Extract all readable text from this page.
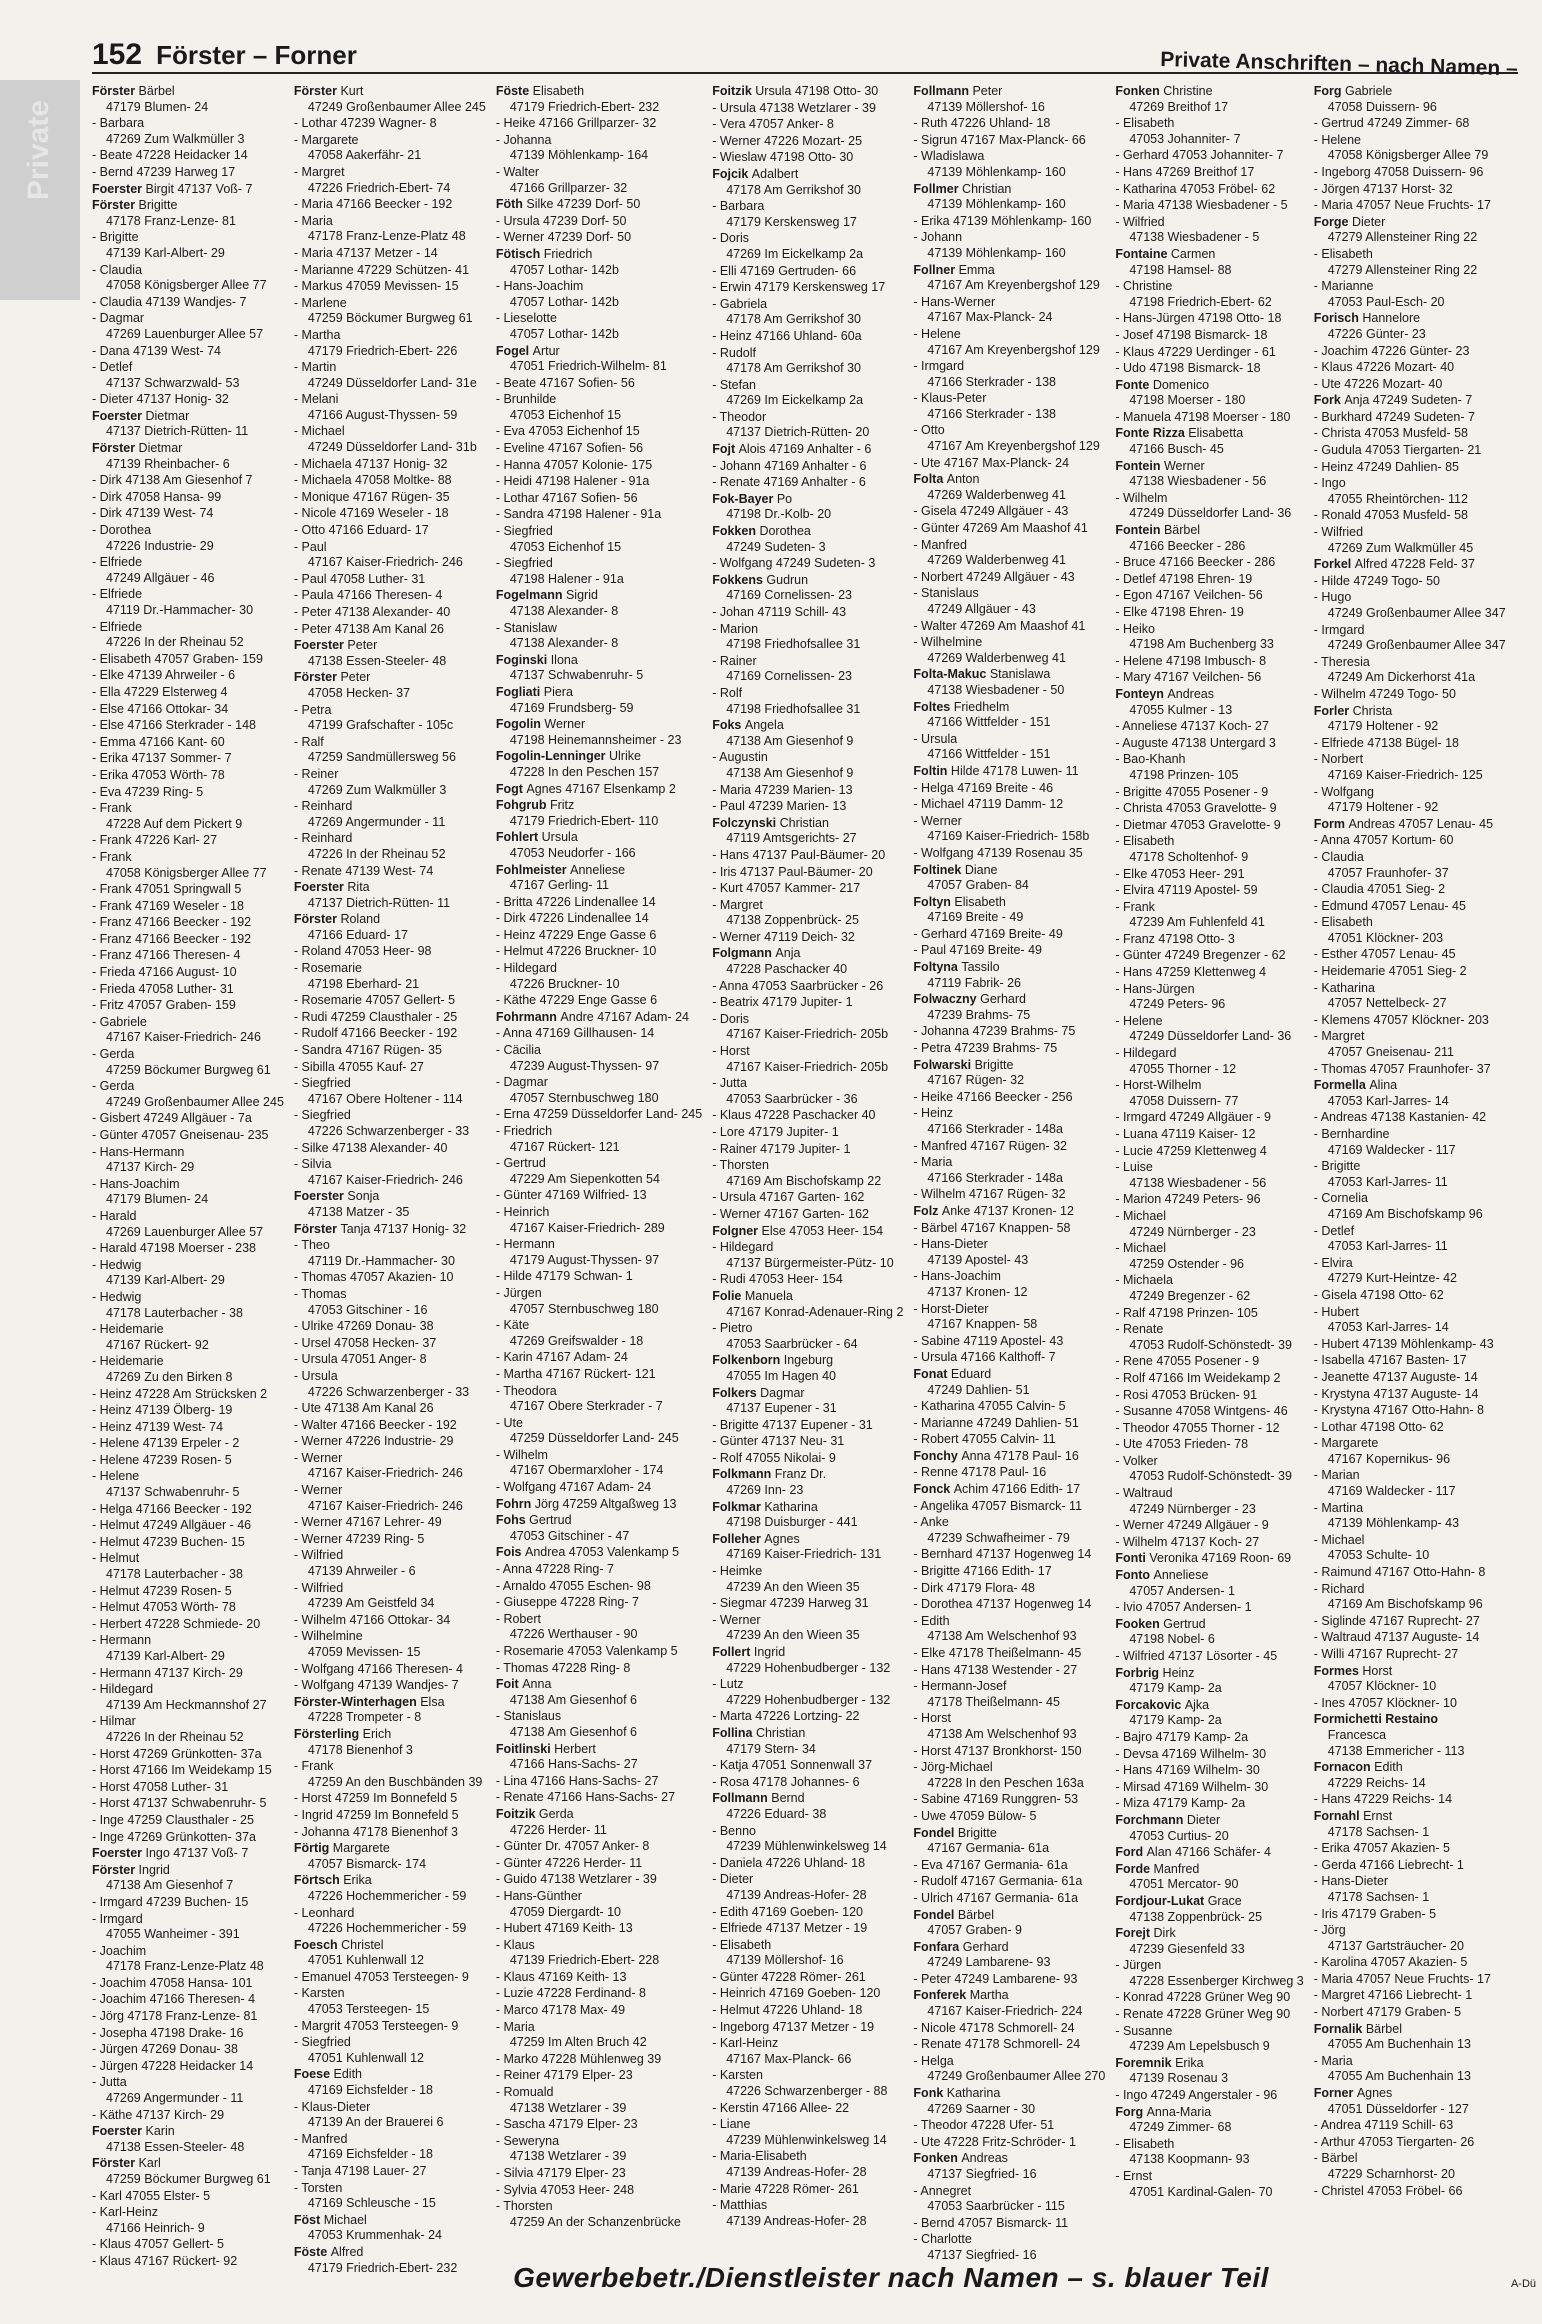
Private
152 Förster – Forner	Private Anschriften – nach Namen –
Förster Bärbel
47179 Blumen- 24
- Barbara
47269 Zum Walkmüller 3
- Beate 47228 Heidacker 14
- Bernd 47239 Harweg 17
Foerster Birgit 47137 Voß- 7
Förster Brigitte
47178 Franz-Lenze- 81
- Brigitte
47139 Karl-Albert- 29
- Claudia
47058 Königsberger Allee 77
- Claudia 47139 Wandjes- 7
- Dagmar
47269 Lauenburger Allee 57
- Dana 47139 West- 74
- Detlef
47137 Schwarzwald- 53
- Dieter 47137 Honig- 32
Foerster Dietmar
47137 Dietrich-Rütten- 11
Förster Dietmar
47139 Rheinbacher- 6
- Dirk 47138 Am Giesenhof 7
- Dirk 47058 Hansa- 99
- Dirk 47139 West- 74
- Dorothea
47226 Industrie- 29
- Elfriede
47249 Allgäuer - 46
- Elfriede
47119 Dr.-Hammacher- 30
- Elfriede
47226 In der Rheinau 52
- Elisabeth 47057 Graben- 159
- Elke 47139 Ahrweiler - 6
- Ella 47229 Elsterweg 4
- Else 47166 Ottokar- 34
- Else 47166 Sterkrader - 148
- Emma 47166 Kant- 60
- Erika 47137 Sommer- 7
- Erika 47053 Wörth- 78
- Eva 47239 Ring- 5
- Frank
47228 Auf dem Pickert 9
- Frank 47226 Karl- 27
- Frank
47058 Königsberger Allee 77
- Frank 47051 Springwall 5
- Frank 47169 Weseler - 18
- Franz 47166 Beecker - 192
- Franz 47166 Beecker - 192
- Franz 47166 Theresen- 4
- Frieda 47166 August- 10
- Frieda 47058 Luther- 31
- Fritz 47057 Graben- 159
- Gabriele
47167 Kaiser-Friedrich- 246
- Gerda
47259 Böckumer Burgweg 61
- Gerda
47249 Großenbaumer Allee 245
- Gisbert 47249 Allgäuer - 7a
- Günter 47057 Gneisenau- 235
- Hans-Hermann
47137 Kirch- 29
- Hans-Joachim
47179 Blumen- 24
- Harald
47269 Lauenburger Allee 57
- Harald 47198 Moerser - 238
- Hedwig
47139 Karl-Albert- 29
- Hedwig
47178 Lauterbacher - 38
- Heidemarie
47167 Rückert- 92
- Heidemarie
47269 Zu den Birken 8
- Heinz 47228 Am Strücksken 2
- Heinz 47139 Ölberg- 19
- Heinz 47139 West- 74
- Helene 47139 Erpeler - 2
- Helene 47239 Rosen- 5
- Helene
47137 Schwabenruhr- 5
- Helga 47166 Beecker - 192
- Helmut 47249 Allgäuer - 46
- Helmut 47239 Buchen- 15
- Helmut
47178 Lauterbacher - 38
- Helmut 47239 Rosen- 5
- Helmut 47053 Wörth- 78
- Herbert 47228 Schmiede- 20
- Hermann
47139 Karl-Albert- 29
- Hermann 47137 Kirch- 29
- Hildegard
47139 Am Heckmannshof 27
- Hilmar
47226 In der Rheinau 52
- Horst 47269 Grünkotten- 37a
- Horst 47166 Im Weidekamp 15
- Horst 47058 Luther- 31
- Horst 47137 Schwabenruhr- 5
- Inge 47259 Clausthaler - 25
- Inge 47269 Grünkotten- 37a
Foerster Ingo 47137 Voß- 7
Förster Ingrid
47138 Am Giesenhof 7
- Irmgard 47239 Buchen- 15
- Irmgard
47055 Wanheimer - 391
- Joachim
47178 Franz-Lenze-Platz 48
- Joachim 47058 Hansa- 101
- Joachim 47166 Theresen- 4
- Jörg 47178 Franz-Lenze- 81
- Josepha 47198 Drake- 16
- Jürgen 47269 Donau- 38
- Jürgen 47228 Heidacker 14
- Jutta
47269 Angermunder - 11
- Käthe 47137 Kirch- 29
Foerster Karin
47138 Essen-Steeler- 48
Förster Karl
47259 Böckumer Burgweg 61
- Karl 47055 Elster- 5
- Karl-Heinz
47166 Heinrich- 9
- Klaus 47057 Gellert- 5
- Klaus 47167 Rückert- 92
Förster Kurt
47249 Großenbaumer Allee 245
- Lothar 47239 Wagner- 8
- Margarete
47058 Aakerfähr- 21
- Margret
47226 Friedrich-Ebert- 74
- Maria 47166 Beecker - 192
- Maria
47178 Franz-Lenze-Platz 48
- Maria 47137 Metzer - 14
- Marianne 47229 Schützen- 41
- Markus 47059 Mevissen- 15
- Marlene
47259 Böckumer Burgweg 61
- Martha
47179 Friedrich-Ebert- 226
- Martin
47249 Düsseldorfer Land- 31e
- Melani
47166 August-Thyssen- 59
- Michael
47249 Düsseldorfer Land- 31b
- Michaela 47137 Honig- 32
- Michaela 47058 Moltke- 88
- Monique 47167 Rügen- 35
- Nicole 47169 Weseler - 18
- Otto 47166 Eduard- 17
- Paul
47167 Kaiser-Friedrich- 246
- Paul 47058 Luther- 31
- Paula 47166 Theresen- 4
- Peter 47138 Alexander- 40
- Peter 47138 Am Kanal 26
Foerster Peter
47138 Essen-Steeler- 48
Förster Peter
47058 Hecken- 37
- Petra
47199 Grafschafter - 105c
- Ralf
47259 Sandmüllersweg 56
- Reiner
47269 Zum Walkmüller 3
- Reinhard
47269 Angermunder - 11
- Reinhard
47226 In der Rheinau 52
- Renate 47139 West- 74
Foerster Rita
47137 Dietrich-Rütten- 11
Förster Roland
47166 Eduard- 17
- Roland 47053 Heer- 98
- Rosemarie
47198 Eberhard- 21
- Rosemarie 47057 Gellert- 5
- Rudi 47259 Clausthaler - 25
- Rudolf 47166 Beecker - 192
- Sandra 47167 Rügen- 35
- Sibilla 47055 Kauf- 27
- Siegfried
47167 Obere Holtener - 114
- Siegfried
47226 Schwarzenberger - 33
- Silke 47138 Alexander- 40
- Silvia
47167 Kaiser-Friedrich- 246
Foerster Sonja
47138 Matzer - 35
Förster Tanja 47137 Honig- 32
- Theo
47119 Dr.-Hammacher- 30
- Thomas 47057 Akazien- 10
- Thomas
47053 Gitschiner - 16
- Ulrike 47269 Donau- 38
- Ursel 47058 Hecken- 37
- Ursula 47051 Anger- 8
- Ursula
47226 Schwarzenberger - 33
- Ute 47138 Am Kanal 26
- Walter 47166 Beecker - 192
- Werner 47226 Industrie- 29
- Werner
47167 Kaiser-Friedrich- 246
- Werner
47167 Kaiser-Friedrich- 246
- Werner 47167 Lehrer- 49
- Werner 47239 Ring- 5
- Wilfried
47139 Ahrweiler - 6
- Wilfried
47239 Am Geistfeld 34
- Wilhelm 47166 Ottokar- 34
- Wilhelmine
47059 Mevissen- 15
- Wolfgang 47166 Theresen- 4
- Wolfgang 47139 Wandjes- 7
Förster-Winterhagen Elsa
47228 Trompeter - 8
Försterling Erich
47178 Bienenhof 3
- Frank
47259 An den Buschbänden 39
- Horst 47259 Im Bonnefeld 5
- Ingrid 47259 Im Bonnefeld 5
- Johanna 47178 Bienenhof 3
Förtig Margarete
47057 Bismarck- 174
Förtsch Erika
47226 Hochemmericher - 59
- Leonhard
47226 Hochemmericher - 59
Foesch Christel
47051 Kuhlenwall 12
- Emanuel 47053 Tersteegen- 9
- Karsten
47053 Tersteegen- 15
- Margrit 47053 Tersteegen- 9
- Siegfried
47051 Kuhlenwall 12
Foese Edith
47169 Eichsfelder - 18
- Klaus-Dieter
47139 An der Brauerei 6
- Manfred
47169 Eichsfelder - 18
- Tanja 47198 Lauer- 27
- Torsten
47169 Schleusche - 15
Föst Michael
47053 Krummenhak- 24
Föste Alfred
47179 Friedrich-Ebert- 232
Föste Elisabeth
47179 Friedrich-Ebert- 232
- Heike 47166 Grillparzer- 32
- Johanna
47139 Möhlenkamp- 164
- Walter
47166 Grillparzer- 32
Föth Silke 47239 Dorf- 50
- Ursula 47239 Dorf- 50
- Werner 47239 Dorf- 50
Fötisch Friedrich
47057 Lothar- 142b
- Hans-Joachim
47057 Lothar- 142b
- Lieselotte
47057 Lothar- 142b
Fogel Artur
47051 Friedrich-Wilhelm- 81
- Beate 47167 Sofien- 56
- Brunhilde
47053 Eichenhof 15
- Eva 47053 Eichenhof 15
- Eveline 47167 Sofien- 56
- Hanna 47057 Kolonie- 175
- Heidi 47198 Halener - 91a
- Lothar 47167 Sofien- 56
- Sandra 47198 Halener - 91a
- Siegfried
47053 Eichenhof 15
- Siegfried
47198 Halener - 91a
Fogelmann Sigrid
47138 Alexander- 8
- Stanislaw
47138 Alexander- 8
Foginski Ilona
47137 Schwabenruhr- 5
Fogliati Piera
47169 Frundsberg- 59
Fogolin Werner
47198 Heinemannsheimer - 23
Fogolin-Lenninger Ulrike
47228 In den Peschen 157
Fogt Agnes 47167 Elsenkamp 2
Fohgrub Fritz
47179 Friedrich-Ebert- 110
Fohlert Ursula
47053 Neudorfer - 166
Fohlmeister Anneliese
47167 Gerling- 11
- Britta 47226 Lindenallee 14
- Dirk 47226 Lindenallee 14
- Heinz 47229 Enge Gasse 6
- Helmut 47226 Bruckner- 10
- Hildegard
47226 Bruckner- 10
- Käthe 47229 Enge Gasse 6
Fohrmann Andre 47167 Adam- 24
- Anna 47169 Gillhausen- 14
- Cäcilia
47239 August-Thyssen- 97
- Dagmar
47057 Sternbuschweg 180
- Erna 47259 Düsseldorfer Land- 245
- Friedrich
47167 Rückert- 121
- Gertrud
47229 Am Siepenkotten 54
- Günter 47169 Wilfried- 13
- Heinrich
47167 Kaiser-Friedrich- 289
- Hermann
47179 August-Thyssen- 97
- Hilde 47179 Schwan- 1
- Jürgen
47057 Sternbuschweg 180
- Käte
47269 Greifswalder - 18
- Karin 47167 Adam- 24
- Martha 47167 Rückert- 121
- Theodora
47167 Obere Sterkrader - 7
- Ute
47259 Düsseldorfer Land- 245
- Wilhelm
47167 Obermarxloher - 174
- Wolfgang 47167 Adam- 24
Fohrn Jörg 47259 Altgaßweg 13
Fohs Gertrud
47053 Gitschiner - 47
Fois Andrea 47053 Valenkamp 5
- Anna 47228 Ring- 7
- Arnaldo 47055 Eschen- 98
- Giuseppe 47228 Ring- 7
- Robert
47226 Werthauser - 90
- Rosemarie 47053 Valenkamp 5
- Thomas 47228 Ring- 8
Foit Anna
47138 Am Giesenhof 6
- Stanislaus
47138 Am Giesenhof 6
Foitlinski Herbert
47166 Hans-Sachs- 27
- Lina 47166 Hans-Sachs- 27
- Renate 47166 Hans-Sachs- 27
Foitzik Gerda
47226 Herder- 11
- Günter Dr. 47057 Anker- 8
- Günter 47226 Herder- 11
- Guido 47138 Wetzlarer - 39
- Hans-Günther
47059 Diergardt- 10
- Hubert 47169 Keith- 13
- Klaus
47139 Friedrich-Ebert- 228
- Klaus 47169 Keith- 13
- Luzie 47228 Ferdinand- 8
- Marco 47178 Max- 49
- Maria
47259 Im Alten Bruch 42
- Marko 47228 Mühlenweg 39
- Reiner 47179 Elper- 23
- Romuald
47138 Wetzlarer - 39
- Sascha 47179 Elper- 23
- Seweryna
47138 Wetzlarer - 39
- Silvia 47179 Elper- 23
- Sylvia 47053 Heer- 248
- Thorsten
47259 An der Schanzenbrücke
Foitzik Ursula 47198 Otto- 30
- Ursula 47138 Wetzlarer - 39
- Vera 47057 Anker- 8
- Werner 47226 Mozart- 25
- Wieslaw 47198 Otto- 30
Fojcik Adalbert
47178 Am Gerrikshof 30
- Barbara
47179 Kerskensweg 17
- Doris
47269 Im Eickelkamp 2a
- Elli 47169 Gertruden- 66
- Erwin 47179 Kerskensweg 17
- Gabriela
47178 Am Gerrikshof 30
- Heinz 47166 Uhland- 60a
- Rudolf
47178 Am Gerrikshof 30
- Stefan
47269 Im Eickelkamp 2a
- Theodor
47137 Dietrich-Rütten- 20
Fojt Alois 47169 Anhalter - 6
- Johann 47169 Anhalter - 6
- Renate 47169 Anhalter - 6
Fok-Bayer Po
47198 Dr.-Kolb- 20
Fokken Dorothea
47249 Sudeten- 3
- Wolfgang 47249 Sudeten- 3
Fokkens Gudrun
47169 Cornelissen- 23
- Johan 47119 Schill- 43
- Marion
47198 Friedhofsallee 31
- Rainer
47169 Cornelissen- 23
- Rolf
47198 Friedhofsallee 31
Foks Angela
47138 Am Giesenhof 9
- Augustin
47138 Am Giesenhof 9
- Maria 47239 Marien- 13
- Paul 47239 Marien- 13
Folczynski Christian
47119 Amtsgerichts- 27
- Hans 47137 Paul-Bäumer- 20
- Iris 47137 Paul-Bäumer- 20
- Kurt 47057 Kammer- 217
- Margret
47138 Zoppenbrück- 25
- Werner 47119 Deich- 32
Folgmann Anja
47228 Paschacker 40
- Anna 47053 Saarbrücker - 26
- Beatrix 47179 Jupiter- 1
- Doris
47167 Kaiser-Friedrich- 205b
- Horst
47167 Kaiser-Friedrich- 205b
- Jutta
47053 Saarbrücker - 36
- Klaus 47228 Paschacker 40
- Lore 47179 Jupiter- 1
- Rainer 47179 Jupiter- 1
- Thorsten
47169 Am Bischofskamp 22
- Ursula 47167 Garten- 162
- Werner 47167 Garten- 162
Folgner Else 47053 Heer- 154
- Hildegard
47137 Bürgermeister-Pütz- 10
- Rudi 47053 Heer- 154
Folie Manuela
47167 Konrad-Adenauer-Ring 2
- Pietro
47053 Saarbrücker - 64
Folkenborn Ingeburg
47055 Im Hagen 40
Folkers Dagmar
47137 Eupener - 31
- Brigitte 47137 Eupener - 31
- Günter 47137 Neu- 31
- Rolf 47055 Nikolai- 9
Folkmann Franz Dr.
47269 Inn- 23
Folkmar Katharina
47198 Duisburger - 441
Folleher Agnes
47169 Kaiser-Friedrich- 131
- Heimke
47239 An den Wieen 35
- Siegmar 47239 Harweg 31
- Werner
47239 An den Wieen 35
Follert Ingrid
47229 Hohenbudberger - 132
- Lutz
47229 Hohenbudberger - 132
- Marta 47226 Lortzing- 22
Follina Christian
47179 Stern- 34
- Katja 47051 Sonnenwall 37
- Rosa 47178 Johannes- 6
Follmann Bernd
47226 Eduard- 38
- Benno
47239 Mühlenwinkelsweg 14
- Daniela 47226 Uhland- 18
- Dieter
47139 Andreas-Hofer- 28
- Edith 47169 Goeben- 120
- Elfriede 47137 Metzer - 19
- Elisabeth
47139 Möllershof- 16
- Günter 47228 Römer- 261
- Heinrich 47169 Goeben- 120
- Helmut 47226 Uhland- 18
- Ingeborg 47137 Metzer - 19
- Karl-Heinz
47167 Max-Planck- 66
- Karsten
47226 Schwarzenberger - 88
- Kerstin 47166 Allee- 22
- Liane
47239 Mühlenwinkelsweg 14
- Maria-Elisabeth
47139 Andreas-Hofer- 28
- Marie 47228 Römer- 261
- Matthias
47139 Andreas-Hofer- 28
Follmann Peter
47139 Möllershof- 16
- Ruth 47226 Uhland- 18
- Sigrun 47167 Max-Planck- 66
- Wladislawa
47139 Möhlenkamp- 160
Follmer Christian
47139 Möhlenkamp- 160
- Erika 47139 Möhlenkamp- 160
- Johann
47139 Möhlenkamp- 160
Follner Emma
47167 Am Kreyenbergshof 129
- Hans-Werner
47167 Max-Planck- 24
- Helene
47167 Am Kreyenbergshof 129
- Irmgard
47166 Sterkrader - 138
- Klaus-Peter
47166 Sterkrader - 138
- Otto
47167 Am Kreyenbergshof 129
- Ute 47167 Max-Planck- 24
Folta Anton
47269 Walderbenweg 41
- Gisela 47249 Allgäuer - 43
- Günter 47269 Am Maashof 41
- Manfred
47269 Walderbenweg 41
- Norbert 47249 Allgäuer - 43
- Stanislaus
47249 Allgäuer - 43
- Walter 47269 Am Maashof 41
- Wilhelmine
47269 Walderbenweg 41
Folta-Makuc Stanislawa
47138 Wiesbadener - 50
Foltes Friedhelm
47166 Wittfelder - 151
- Ursula
47166 Wittfelder - 151
Foltin Hilde 47178 Luwen- 11
- Helga 47169 Breite - 46
- Michael 47119 Damm- 12
- Werner
47169 Kaiser-Friedrich- 158b
- Wolfgang 47139 Rosenau 35
Foltinek Diane
47057 Graben- 84
Foltyn Elisabeth
47169 Breite - 49
- Gerhard 47169 Breite- 49
- Paul 47169 Breite- 49
Foltyna Tassilo
47119 Fabrik- 26
Folwaczny Gerhard
47239 Brahms- 75
- Johanna 47239 Brahms- 75
- Petra 47239 Brahms- 75
Folwarski Brigitte
47167 Rügen- 32
- Heike 47166 Beecker - 256
- Heinz
47166 Sterkrader - 148a
- Manfred 47167 Rügen- 32
- Maria
47166 Sterkrader - 148a
- Wilhelm 47167 Rügen- 32
Folz Anke 47137 Kronen- 12
- Bärbel 47167 Knappen- 58
- Hans-Dieter
47139 Apostel- 43
- Hans-Joachim
47137 Kronen- 12
- Horst-Dieter
47167 Knappen- 58
- Sabine 47119 Apostel- 43
- Ursula 47166 Kalthoff- 7
Fonat Eduard
47249 Dahlien- 51
- Katharina 47055 Calvin- 5
- Marianne 47249 Dahlien- 51
- Robert 47055 Calvin- 11
Fonchy Anna 47178 Paul- 16
- Renne 47178 Paul- 16
Fonck Achim 47166 Edith- 17
- Angelika 47057 Bismarck- 11
- Anke
47239 Schwafheimer - 79
- Bernhard 47137 Hogenweg 14
- Brigitte 47166 Edith- 17
- Dirk 47179 Flora- 48
- Dorothea 47137 Hogenweg 14
- Edith
47138 Am Welschenhof 93
- Elke 47178 Theißelmann- 45
- Hans 47138 Westender - 27
- Hermann-Josef
47178 Theißelmann- 45
- Horst
47138 Am Welschenhof 93
- Horst 47137 Bronkhorst- 150
- Jörg-Michael
47228 In den Peschen 163a
- Sabine 47169 Runggren- 53
- Uwe 47059 Bülow- 5
Fondel Brigitte
47167 Germania- 61a
- Eva 47167 Germania- 61a
- Rudolf 47167 Germania- 61a
- Ulrich 47167 Germania- 61a
Fondel Bärbel
47057 Graben- 9
Fonfara Gerhard
47249 Lambarene- 93
- Peter 47249 Lambarene- 93
Fonferek Martha
47167 Kaiser-Friedrich- 224
- Nicole 47178 Schmorell- 24
- Renate 47178 Schmorell- 24
- Helga
47249 Großenbaumer Allee 270
Fonk Katharina
47269 Saarner - 30
- Theodor 47228 Ufer- 51
- Ute 47228 Fritz-Schröder- 1
Fonken Andreas
47137 Siegfried- 16
- Annegret
47053 Saarbrücker - 115
- Bernd 47057 Bismarck- 11
- Charlotte
47137 Siegfried- 16
Fonken Christine
47269 Breithof 17
- Elisabeth
47053 Johanniter- 7
- Gerhard 47053 Johanniter- 7
- Hans 47269 Breithof 17
- Katharina 47053 Fröbel- 62
- Maria 47138 Wiesbadener - 5
- Wilfried
47138 Wiesbadener - 5
Fontaine Carmen
47198 Hamsel- 88
- Christine
47198 Friedrich-Ebert- 62
- Hans-Jürgen 47198 Otto- 18
- Josef 47198 Bismarck- 18
- Klaus 47229 Uerdinger - 61
- Udo 47198 Bismarck- 18
Fonte Domenico
47198 Moerser - 180
- Manuela 47198 Moerser - 180
Fonte Rizza Elisabetta
47166 Busch- 45
Fontein Werner
47138 Wiesbadener - 56
- Wilhelm
47249 Düsseldorfer Land- 36
Fontein Bärbel
47166 Beecker - 286
- Bruce 47166 Beecker - 286
- Detlef 47198 Ehren- 19
- Egon 47167 Veilchen- 56
- Elke 47198 Ehren- 19
- Heiko
47198 Am Buchenberg 33
- Helene 47198 Imbusch- 8
- Mary 47167 Veilchen- 56
Fonteyn Andreas
47055 Kulmer - 13
- Anneliese 47137 Koch- 27
- Auguste 47138 Untergard 3
- Bao-Khanh
47198 Prinzen- 105
- Brigitte 47055 Posener - 9
- Christa 47053 Gravelotte- 9
- Dietmar 47053 Gravelotte- 9
- Elisabeth
47178 Scholtenhof- 9
- Elke 47053 Heer- 291
- Elvira 47119 Apostel- 59
- Frank
47239 Am Fuhlenfeld 41
- Franz 47198 Otto- 3
- Günter 47249 Bregenzer - 62
- Hans 47259 Klettenweg 4
- Hans-Jürgen
47249 Peters- 96
- Helene
47249 Düsseldorfer Land- 36
- Hildegard
47055 Thorner - 12
- Horst-Wilhelm
47058 Duissern- 77
- Irmgard 47249 Allgäuer - 9
- Luana 47119 Kaiser- 12
- Lucie 47259 Klettenweg 4
- Luise
47138 Wiesbadener - 56
- Marion 47249 Peters- 96
- Michael
47249 Nürnberger - 23
- Michael
47259 Ostender - 96
- Michaela
47249 Bregenzer - 62
- Ralf 47198 Prinzen- 105
- Renate
47053 Rudolf-Schönstedt- 39
- Rene 47055 Posener - 9
- Rolf 47166 Im Weidekamp 2
- Rosi 47053 Brücken- 91
- Susanne 47058 Wintgens- 46
- Theodor 47055 Thorner - 12
- Ute 47053 Frieden- 78
- Volker
47053 Rudolf-Schönstedt- 39
- Waltraud
47249 Nürnberger - 23
- Werner 47249 Allgäuer - 9
- Wilhelm 47137 Koch- 27
Fonti Veronika 47169 Roon- 69
Fonto Anneliese
47057 Andersen- 1
- Ivio 47057 Andersen- 1
Fooken Gertrud
47198 Nobel- 6
- Wilfried 47137 Lösorter - 45
Forbrig Heinz
47179 Kamp- 2a
Forcakovic Ajka
47179 Kamp- 2a
- Bajro 47179 Kamp- 2a
- Devsa 47169 Wilhelm- 30
- Hans 47169 Wilhelm- 30
- Mirsad 47169 Wilhelm- 30
- Miza 47179 Kamp- 2a
Forchmann Dieter
47053 Curtius- 20
Ford Alan 47166 Schäfer- 4
Forde Manfred
47051 Mercator- 90
Fordjour-Lukat Grace
47138 Zoppenbrück- 25
Forejt Dirk
47239 Giesenfeld 33
- Jürgen
47228 Essenberger Kirchweg 3
- Konrad 47228 Grüner Weg 90
- Renate 47228 Grüner Weg 90
- Susanne
47239 Am Lepelsbusch 9
Foremnik Erika
47139 Rosenau 3
- Ingo 47249 Angerstaler - 96
Forg Anna-Maria
47249 Zimmer- 68
- Elisabeth
47138 Koopmann- 93
- Ernst
47051 Kardinal-Galen- 70
Forg Gabriele
47058 Duissern- 96
- Gertrud 47249 Zimmer- 68
- Helene
47058 Königsberger Allee 79
- Ingeborg 47058 Duissern- 96
- Jörgen 47137 Horst- 32
- Maria 47057 Neue Fruchts- 17
Forge Dieter
47279 Allensteiner Ring 22
- Elisabeth
47279 Allensteiner Ring 22
- Marianne
47053 Paul-Esch- 20
Forisch Hannelore
47226 Günter- 23
- Joachim 47226 Günter- 23
- Klaus 47226 Mozart- 40
- Ute 47226 Mozart- 40
Fork Anja 47249 Sudeten- 7
- Burkhard 47249 Sudeten- 7
- Christa 47053 Musfeld- 58
- Gudula 47053 Tiergarten- 21
- Heinz 47249 Dahlien- 85
- Ingo
47055 Rheintörchen- 112
- Ronald 47053 Musfeld- 58
- Wilfried
47269 Zum Walkmüller 45
Forkel Alfred 47228 Feld- 37
- Hilde 47249 Togo- 50
- Hugo
47249 Großenbaumer Allee 347
- Irmgard
47249 Großenbaumer Allee 347
- Theresia
47249 Am Dickerhorst 41a
- Wilhelm 47249 Togo- 50
Forler Christa
47179 Holtener - 92
- Elfriede 47138 Bügel- 18
- Norbert
47169 Kaiser-Friedrich- 125
- Wolfgang
47179 Holtener - 92
Form Andreas 47057 Lenau- 45
- Anna 47057 Kortum- 60
- Claudia
47057 Fraunhofer- 37
- Claudia 47051 Sieg- 2
- Edmund 47057 Lenau- 45
- Elisabeth
47051 Klöckner- 203
- Esther 47057 Lenau- 45
- Heidemarie 47051 Sieg- 2
- Katharina
47057 Nettelbeck- 27
- Klemens 47057 Klöckner- 203
- Margret
47057 Gneisenau- 211
- Thomas 47057 Fraunhofer- 37
Formella Alina
47053 Karl-Jarres- 14
- Andreas 47138 Kastanien- 42
- Bernhardine
47169 Waldecker - 117
- Brigitte
47053 Karl-Jarres- 11
- Cornelia
47169 Am Bischofskamp 96
- Detlef
47053 Karl-Jarres- 11
- Elvira
47279 Kurt-Heintze- 42
- Gisela 47198 Otto- 62
- Hubert
47053 Karl-Jarres- 14
- Hubert 47139 Möhlenkamp- 43
- Isabella 47167 Basten- 17
- Jeanette 47137 Auguste- 14
- Krystyna 47137 Auguste- 14
- Krystyna 47167 Otto-Hahn- 8
- Lothar 47198 Otto- 62
- Margarete
47167 Kopernikus- 96
- Marian
47169 Waldecker - 117
- Martina
47139 Möhlenkamp- 43
- Michael
47053 Schulte- 10
- Raimund 47167 Otto-Hahn- 8
- Richard
47169 Am Bischofskamp 96
- Siglinde 47167 Ruprecht- 27
- Waltraud 47137 Auguste- 14
- Willi 47167 Ruprecht- 27
Formes Horst
47057 Klöckner- 10
- Ines 47057 Klöckner- 10
Formichetti Restaino
Francesca
47138 Emmericher - 113
Fornacon Edith
47229 Reichs- 14
- Hans 47229 Reichs- 14
Fornahl Ernst
47178 Sachsen- 1
- Erika 47057 Akazien- 5
- Gerda 47166 Liebrecht- 1
- Hans-Dieter
47178 Sachsen- 1
- Iris 47179 Graben- 5
- Jörg
47137 Gartsträucher- 20
- Karolina 47057 Akazien- 5
- Maria 47057 Neue Fruchts- 17
- Margret 47166 Liebrecht- 1
- Norbert 47179 Graben- 5
Fornalik Bärbel
47055 Am Buchenhain 13
- Maria
47055 Am Buchenhain 13
Forner Agnes
47051 Düsseldorfer - 127
- Andrea 47119 Schill- 63
- Arthur 47053 Tiergarten- 26
- Bärbel
47229 Scharnhorst- 20
- Christel 47053 Fröbel- 66
Gewerbebetr./Dienstleister nach Namen – s. blauer Teil	A-Dü
